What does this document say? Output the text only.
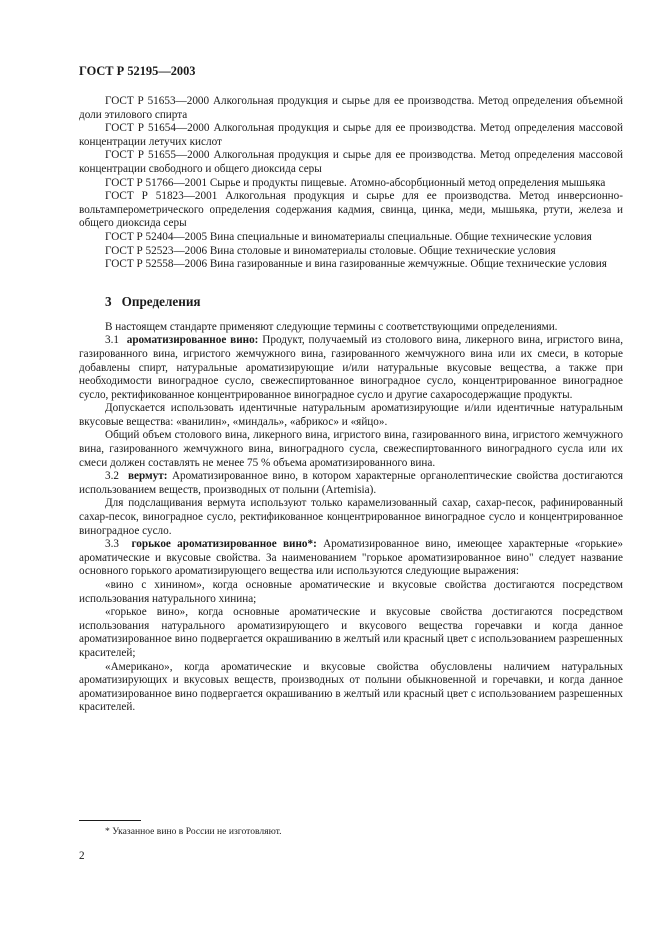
ГОСТ Р 52195—2003

ГОСТ Р 51653—2000 Алкогольная продукция и сырье для ее производства. Метод определения объемной доли этилового спирта

ГОСТ Р 51654—2000 Алкогольная продукция и сырье для ее производства. Метод определения массовой концентрации летучих кислот

ГОСТ Р 51655—2000 Алкогольная продукция и сырье для ее производства. Метод определения массовой концентрации свободного и общего диоксида серы

ГОСТ Р 51766—2001 Сырье и продукты пищевые. Атомно-абсорбционный метод определения мышьяка

ГОСТ Р 51823—2001 Алкогольная продукция и сырье для ее производства. Метод инверсионно-вольтамперометрического определения содержания кадмия, свинца, цинка, меди, мышьяка, ртути, железа и общего диоксида серы

ГОСТ Р 52404—2005 Вина специальные и виноматериалы специальные. Общие технические условия

ГОСТ Р 52523—2006 Вина столовые и виноматериалы столовые. Общие технические условия

ГОСТ Р 52558—2006 Вина газированные и вина газированные жемчужные. Общие технические условия

3 Определения

В настоящем стандарте применяют следующие термины с соответствующими определениями.

3.1 ароматизированное вино: Продукт, получаемый из столового вина, ликерного вина, игристого вина, газированного вина, игристого жемчужного вина, газированного жемчужного вина или их смеси, в которые добавлены спирт, натуральные ароматизирующие и/или натуральные вкусовые вещества, а также при необходимости виноградное сусло, свежеспиртованное виноградное сусло, концентрированное виноградное сусло, ректификованное концентрированное виноградное сусло и другие сахаросодержащие продукты.

Допускается использовать идентичные натуральным ароматизирующие и/или идентичные натуральным вкусовые вещества: «ванилин», «миндаль», «абрикос» и «яйцо».

Общий объем столового вина, ликерного вина, игристого вина, газированного вина, игристого жемчужного вина, газированного жемчужного вина, виноградного сусла, свежеспиртованного виноградного сусла или их смеси должен составлять не менее 75 % объема ароматизированного вина.

3.2 вермут: Ароматизированное вино, в котором характерные органолептические свойства достигаются использованием веществ, производных от полыни (Artemisia).

Для подслащивания вермута используют только карамелизованный сахар, сахар-песок, рафинированный сахар-песок, виноградное сусло, ректификованное концентрированное виноградное сусло и концентрированное виноградное сусло.

3.3 горькое ароматизированное вино*: Ароматизированное вино, имеющее характерные «горькие» ароматические и вкусовые свойства. За наименованием "горькое ароматизированное вино" следует название основного горького ароматизирующего вещества или используются следующие выражения:

«вино с хинином», когда основные ароматические и вкусовые свойства достигаются посредством использования натурального хинина;

«горькое вино», когда основные ароматические и вкусовые свойства достигаются посредством использования натурального ароматизирующего и вкусового вещества горечавки и когда данное ароматизированное вино подвергается окрашиванию в желтый или красный цвет с использованием разрешенных красителей;

«Американо», когда ароматические и вкусовые свойства обусловлены наличием натуральных ароматизирующих и вкусовых веществ, производных от полыни обыкновенной и горечавки, и когда данное ароматизированное вино подвергается окрашиванию в желтый или красный цвет с использованием разрешенных красителей.

* Указанное вино в России не изготовляют.
2
